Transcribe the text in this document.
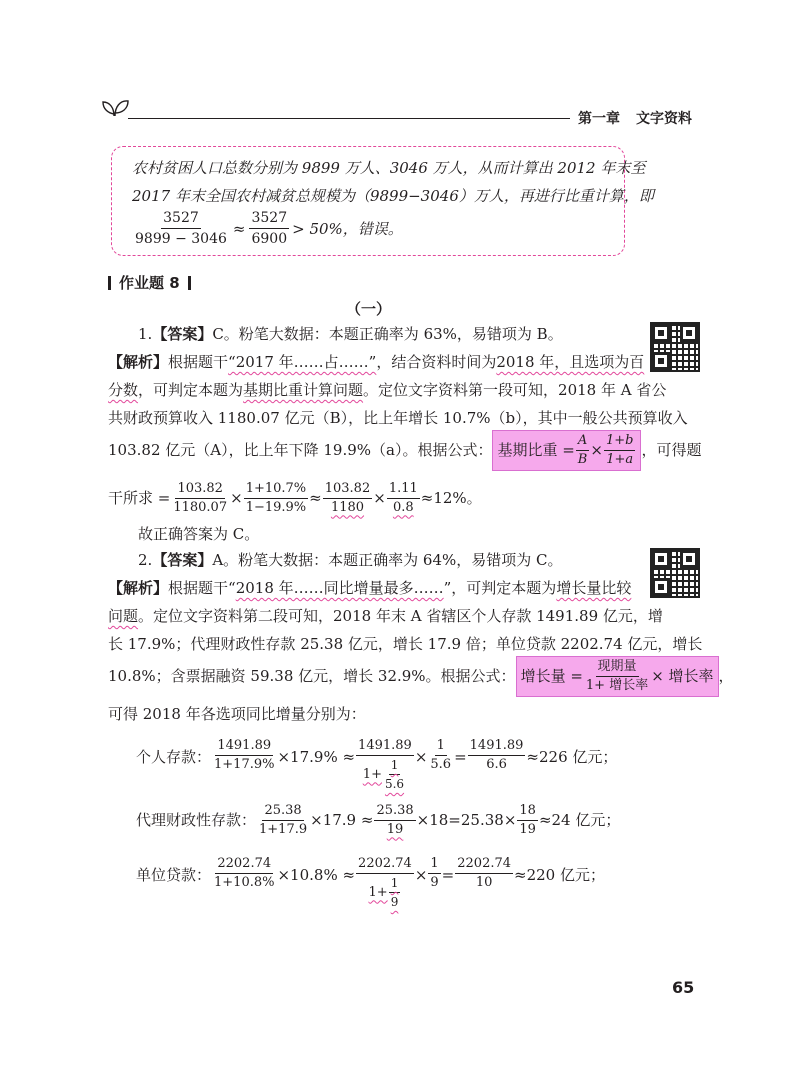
第一章 文字资料
农村贫困人口总数分别为 9899 万人、3046 万人，从而计算出 2012 年末至
2017 年末全国农村减贫总规模为（9899−3046）万人，再进行比重计算，即
$\frac{3527}{9899 - 3046} \approx \frac{3527}{6900} > 50\%$，错误。
作业题 8
（一）
1.【答案】C。粉笔大数据：本题正确率为 63%，易错项为 B。
【解析】根据题干“2017 年……占……”，结合资料时间为2018 年，且选项为百
分数，可判定本题为基期比重计算问题。定位文字资料第一段可知，2018 年 A 省公
共财政预算收入 1180.07 亿元（B），比上年增长 10.7%（b），其中一般公共预算收入
103.82 亿元（A），比上年下降 19.9%（a）。根据公式： 基期比重 = $\frac{A}{B} \times \frac{1+b}{1+a}$ ，可得题
干所求 = $\frac{103.82}{1180.07} \times \frac{1+10.7\%}{1-19.9\%} \approx \frac{103.82}{1180} \times \frac{1.11}{0.8} \approx 12\%$。
故正确答案为 C。
2.【答案】A。粉笔大数据：本题正确率为 64%，易错项为 C。
【解析】根据题干“2018 年……同比增量最多……”，可判定本题为增长量比较
问题。定位文字资料第二段可知，2018 年末 A 省辖区个人存款 1491.89 亿元，增
长 17.9%；代理财政性存款 25.38 亿元，增长 17.9 倍；单位贷款 2202.74 亿元，增长
10.8%；含票据融资 59.38 亿元，增长 32.9%。根据公式： 增长量 = $\frac{\text{现期量}}{\text{1+ 增长率}}$ × 增长率 ，
可得 2018 年各选项同比增量分别为：
个人存款： $\frac{1491.89}{1+17.9\%} \times 17.9\% \approx \frac{1491.89}{1+ \frac{1}{5.6}} \times \frac{1}{5.6} = \frac{1491.89}{6.6} \approx 226$ 亿元；
代理财政性存款： $\frac{25.38}{1+17.9} \times 17.9 \approx \frac{25.38}{19} \times 18=25.38\times \frac{18}{19} \approx 24$ 亿元；
单位贷款： $\frac{2202.74}{1+10.8\%} \times 10.8\% \approx \frac{2202.74}{1+ \frac{1}{9}} \times \frac{1}{9} = \frac{2202.74}{10} \approx 220$ 亿元；
65
